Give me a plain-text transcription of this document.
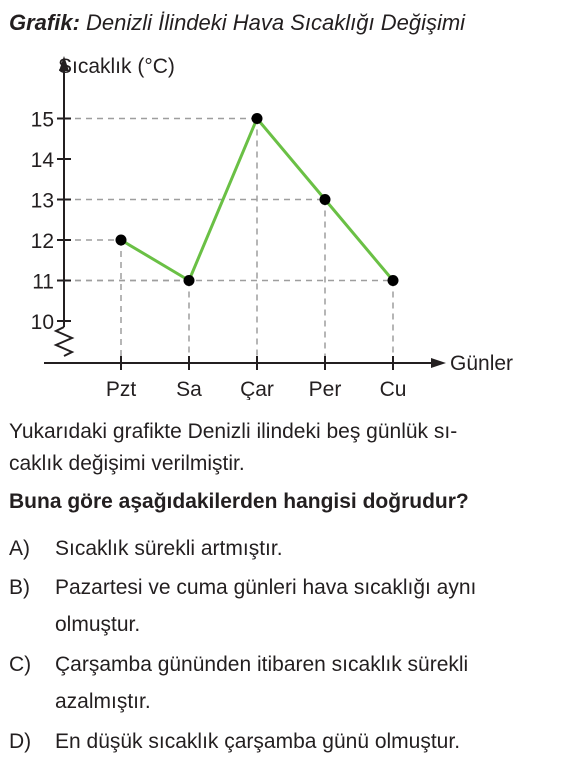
Grafik: Denizli İlindeki Hava Sıcaklığı Değişimi
Sıcaklık (°C)
Günler
10
11
12
13
14
15
Pzt Sa Çar Per Cu

Yukarıdaki grafikte Denizli ilindeki beş günlük sı-
caklık değişimi verilmiştir.

Buna göre aşağıdakilerden hangisi doğrudur?

A)	Sıcaklık sürekli artmıştır.
B)	Pazartesi ve cuma günleri hava sıcaklığı aynı
olmuştur.
C)	Çarşamba gününden itibaren sıcaklık sürekli
azalmıştır.
D)	En düşük sıcaklık çarşamba günü olmuştur.
